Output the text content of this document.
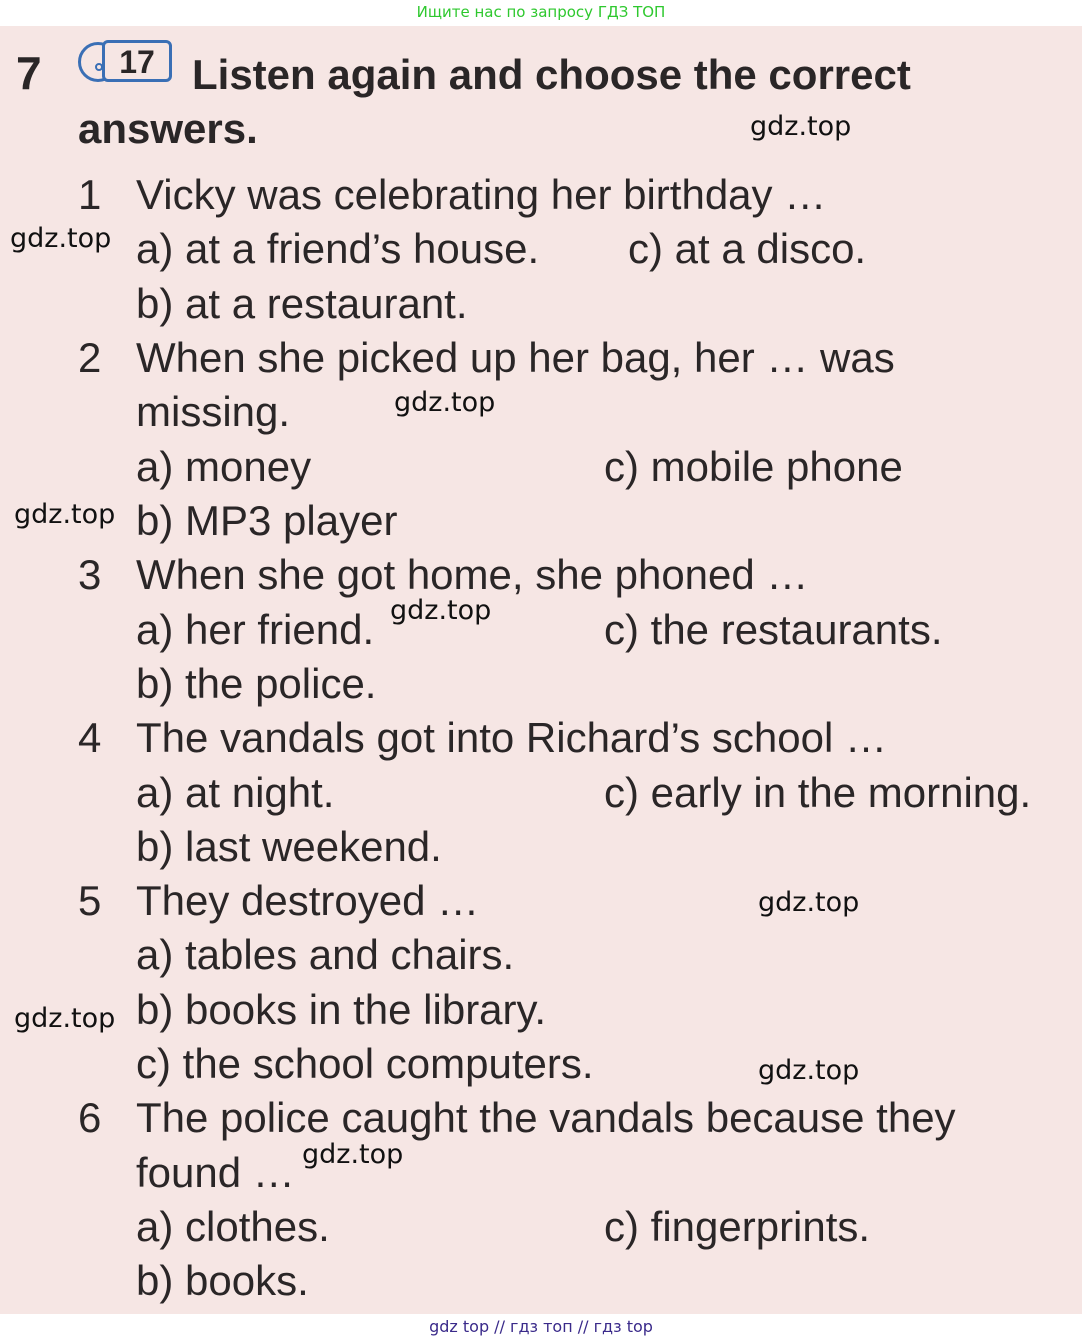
Ищите нас по запросу ГДЗ ТОП
7	17 Listen again and choose the correct
answers.
1 Vicky was celebrating her birthday …
a) at a friend’s house. c) at a disco.
b) at a restaurant.
2 When she picked up her bag, her … was
missing.
a) money	c) mobile phone
b) MP3 player
3 When she got home, she phoned …
a) her friend.	c) the restaurants.
b) the police.
4 The vandals got into Richard’s school …
a) at night.	c) early in the morning.
b) last weekend.
5 They destroyed …
a) tables and chairs.
b) books in the library.
c) the school computers.
6 The police caught the vandals because they
found …
a) clothes.	c) fingerprints.
b) books.
gdz.top
gdz.top
gdz.top
gdz.top
gdz.top
gdz.top
gdz.top
gdz.top
gdz.top
gdz top // гдз топ // гдз top
